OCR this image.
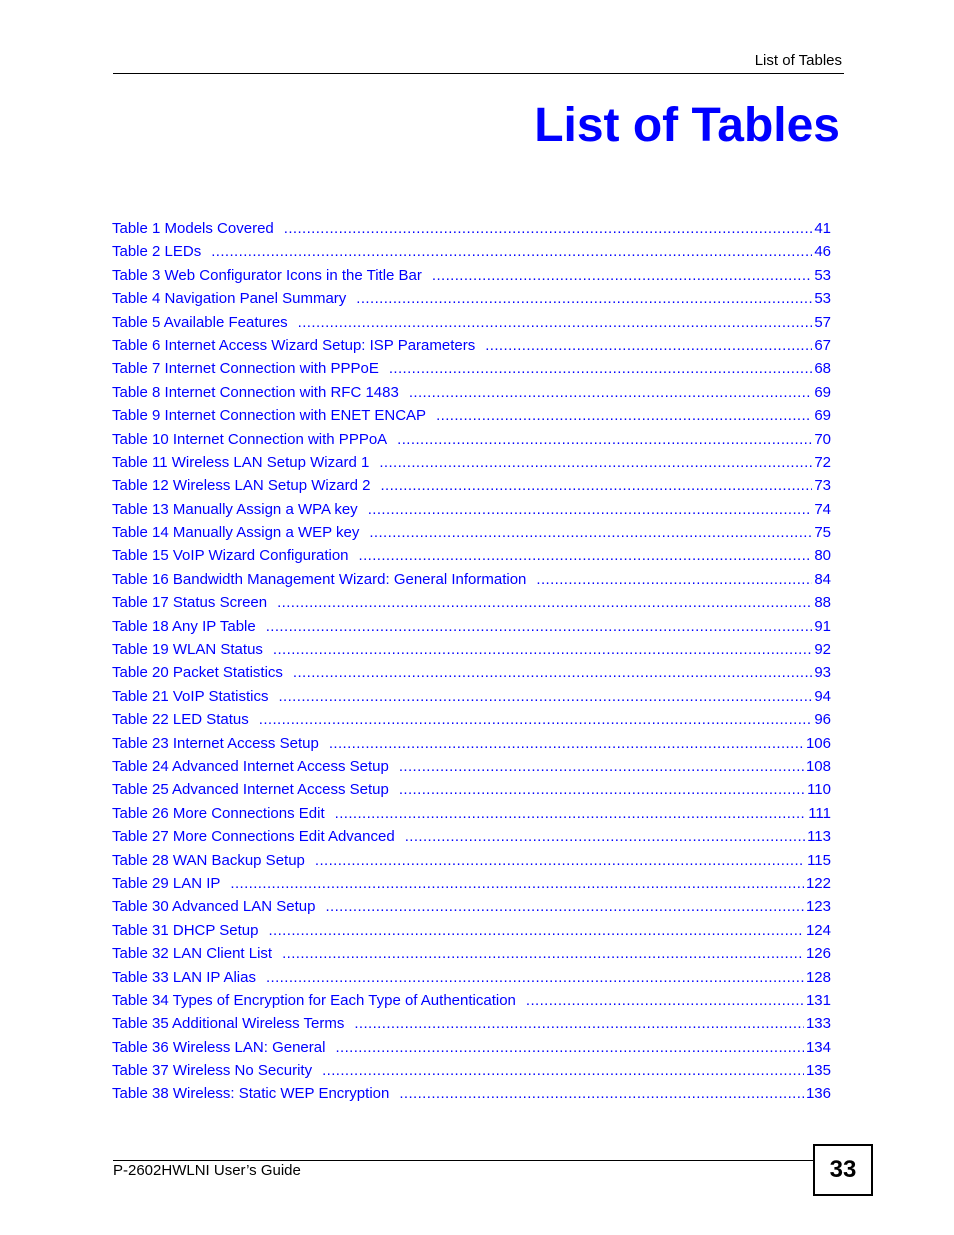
List of Tables
List of Tables
Table 1 Models Covered .....	41
Table 2 LEDs .....	46
Table 3 Web Configurator Icons in the Title Bar .....	53
Table 4 Navigation Panel Summary .....	53
Table 5 Available Features .....	57
Table 6 Internet Access Wizard Setup: ISP Parameters .....	67
Table 7 Internet Connection with PPPoE .....	68
Table 8 Internet Connection with RFC 1483 .....	69
Table 9 Internet Connection with ENET ENCAP .....	69
Table 10 Internet Connection with PPPoA .....	70
Table 11 Wireless LAN Setup Wizard 1 .....	72
Table 12 Wireless LAN Setup Wizard 2 .....	73
Table 13 Manually Assign a WPA key .....	74
Table 14 Manually Assign a WEP key .....	75
Table 15 VoIP Wizard Configuration .....	80
Table 16 Bandwidth Management Wizard: General Information .....	84
Table 17 Status Screen .....	88
Table 18 Any IP Table .....	91
Table 19 WLAN Status .....	92
Table 20 Packet Statistics .....	93
Table 21 VoIP Statistics .....	94
Table 22 LED Status .....	96
Table 23 Internet Access Setup .....	106
Table 24 Advanced Internet Access Setup .....	108
Table 25 Advanced Internet Access Setup .....	110
Table 26 More Connections Edit .....	111
Table 27 More Connections Edit Advanced .....	113
Table 28 WAN Backup Setup .....	115
Table 29 LAN IP .....	122
Table 30 Advanced LAN Setup .....	123
Table 31 DHCP Setup .....	124
Table 32 LAN Client List .....	126
Table 33 LAN IP Alias .....	128
Table 34 Types of Encryption for Each Type of Authentication .....	131
Table 35 Additional Wireless Terms .....	133
Table 36 Wireless LAN: General .....	134
Table 37 Wireless No Security .....	135
Table 38 Wireless: Static WEP Encryption .....	136
P-2602HWLNI User’s Guide	33
